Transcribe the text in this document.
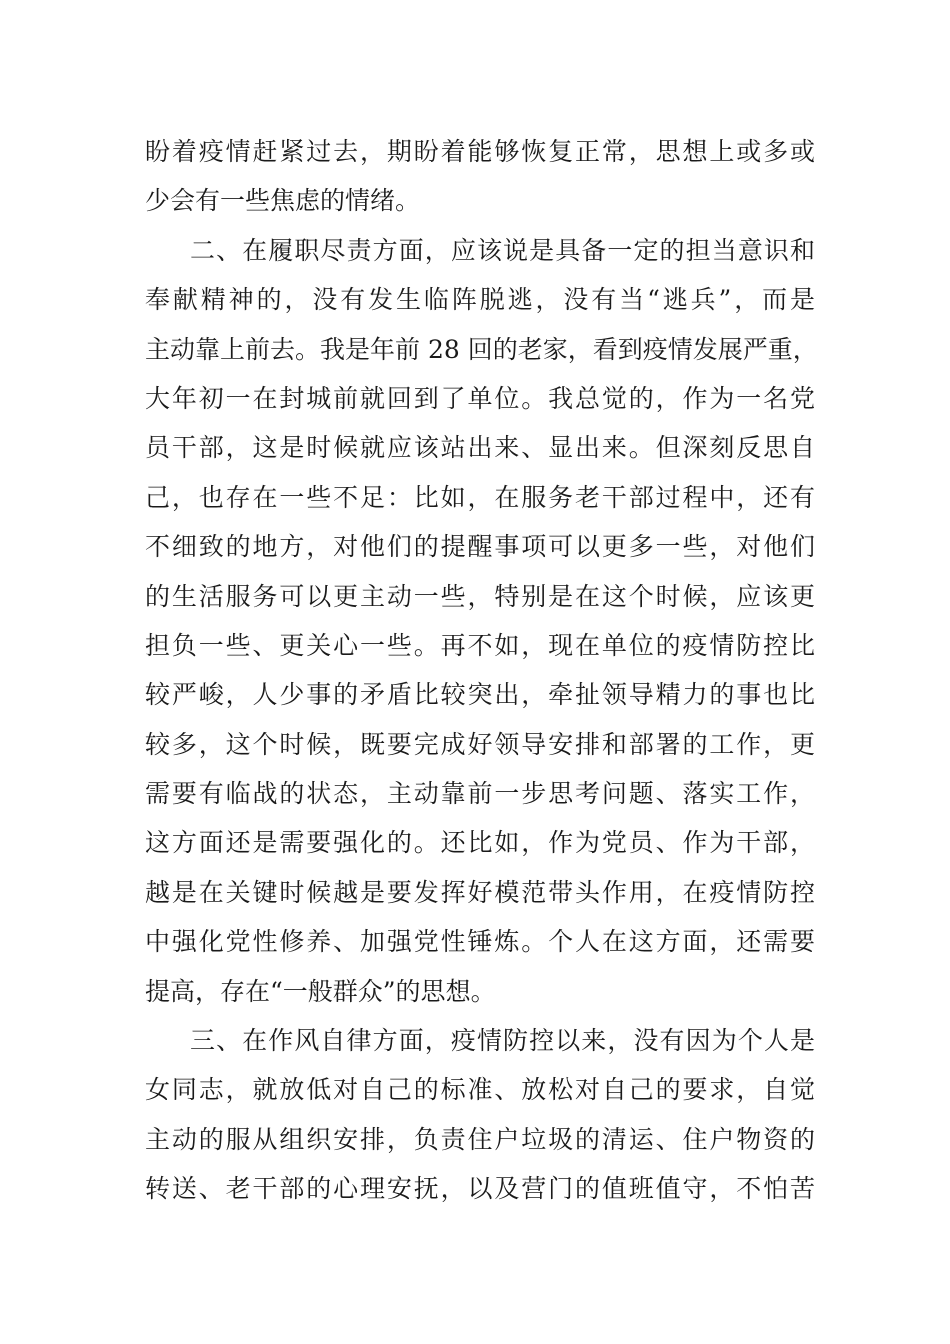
盼着疫情赶紧过去，期盼着能够恢复正常，思想上或多或
少会有一些焦虑的情绪。
二、在履职尽责方面，应该说是具备一定的担当意识和
奉献精神的，没有发生临阵脱逃，没有当“逃兵”，而是
主动靠上前去。我是年前 28 回的老家，看到疫情发展严重，
大年初一在封城前就回到了单位。我总觉的，作为一名党
员干部，这是时候就应该站出来、显出来。但深刻反思自
己，也存在一些不足：比如，在服务老干部过程中，还有
不细致的地方，对他们的提醒事项可以更多一些，对他们
的生活服务可以更主动一些，特别是在这个时候，应该更
担负一些、更关心一些。再不如，现在单位的疫情防控比
较严峻，人少事的矛盾比较突出，牵扯领导精力的事也比
较多，这个时候，既要完成好领导安排和部署的工作，更
需要有临战的状态，主动靠前一步思考问题、落实工作，
这方面还是需要强化的。还比如，作为党员、作为干部，
越是在关键时候越是要发挥好模范带头作用，在疫情防控
中强化党性修养、加强党性锤炼。个人在这方面，还需要
提高，存在“一般群众”的思想。
三、在作风自律方面，疫情防控以来，没有因为个人是
女同志，就放低对自己的标准、放松对自己的要求，自觉
主动的服从组织安排，负责住户垃圾的清运、住户物资的
转送、老干部的心理安抚，以及营门的值班值守，不怕苦
